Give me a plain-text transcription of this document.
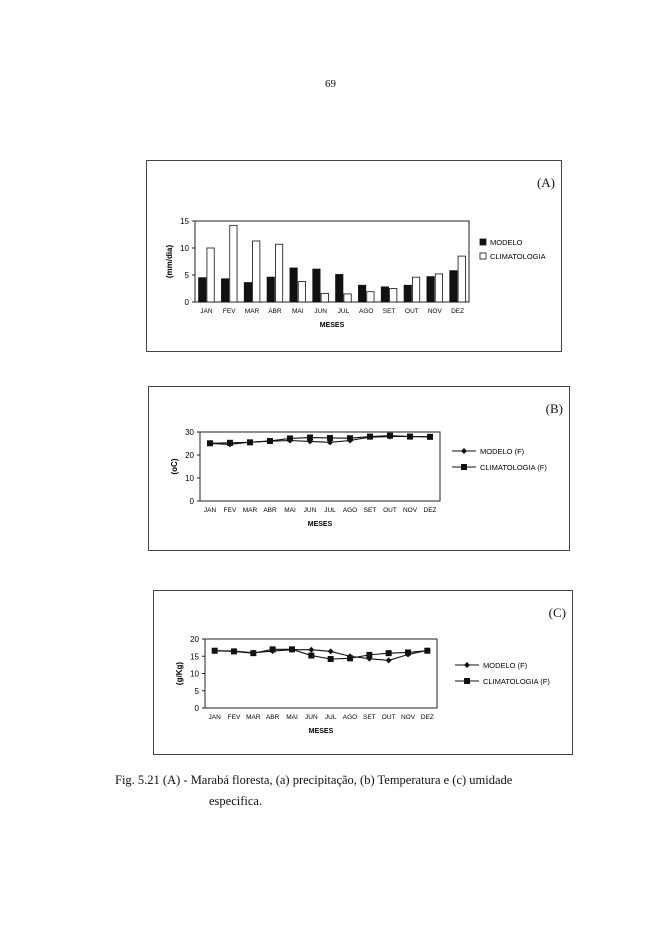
69
(A)
0
5
10
15
JAN FEV MAR ABR MAI JUN JUL AGO SET OUT NOV DEZ
MESES
(mm/dia)
MODELO
CLIMATOLOGIA
(B)
0
10
20
30
JAN FEV MAR ABR MAI JUN JUL AGO SET OUT NOV DEZ
MESES
(oC)
MODELO (F)
CLIMATOLOGIA (F)
(C)
0
5
10
15
20
JAN FEV MAR ABR MAI JUN JUL AGO SET OUT NOV DEZ
MESES
(g/Kg)	MODELO (F)
CLIMATOLOGIA (F)
Fig. 5.21 (A) - Marabá floresta, (a) precipitação, (b) Temperatura e (c) umidade
especifica.
